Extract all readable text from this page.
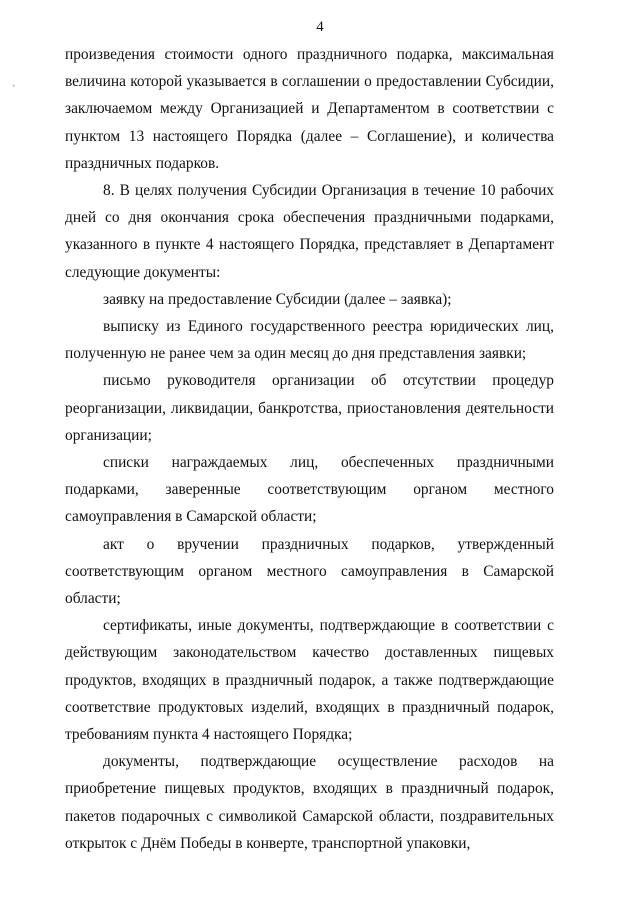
4
ʹ

произведения стоимости одного праздничного подарка, максимальная величина которой указывается в соглашении о предоставлении Субсидии, заключаемом между Организацией и Департаментом в соответствии с пунктом 13 настоящего Порядка (далее – Соглашение), и количества праздничных подарков.

8. В целях получения Субсидии Организация в течение 10 рабочих дней со дня окончания срока обеспечения праздничными подарками, указанного в пункте 4 настоящего Порядка, представляет в Департамент следующие документы:

заявку на предоставление Субсидии (далее – заявка);

выписку из Единого государственного реестра юридических лиц, полученную не ранее чем за один месяц до дня представления заявки;

письмо руководителя организации об отсутствии процедур реорганизации, ликвидации, банкротства, приостановления деятельности организации;

списки награждаемых лиц, обеспеченных праздничными подарками, заверенные соответствующим органом местного самоуправления в Самарской области;

акт о вручении праздничных подарков, утвержденный соответствующим органом местного самоуправления в Самарской области;

сертификаты, иные документы, подтверждающие в соответствии с действующим законодательством качество доставленных пищевых продуктов, входящих в праздничный подарок, а также подтверждающие соответствие продуктовых изделий, входящих в праздничный подарок, требованиям пункта 4 настоящего Порядка;

документы, подтверждающие осуществление расходов на приобретение пищевых продуктов, входящих в праздничный подарок, пакетов подарочных с символикой Самарской области, поздравительных открыток с Днём Победы в конверте, транспортной упаковки,
